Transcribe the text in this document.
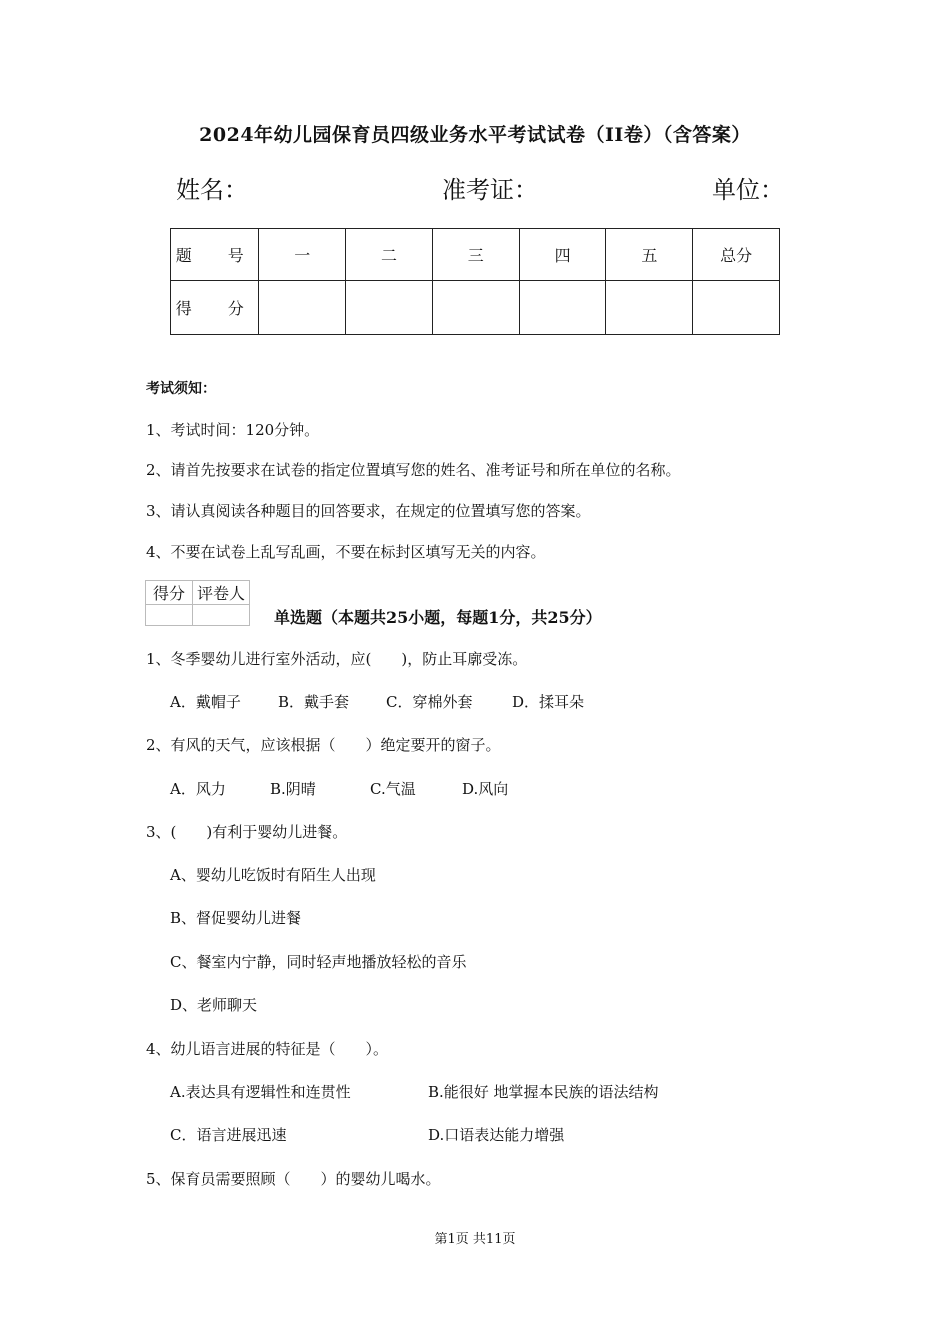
2024年幼儿园保育员四级业务水平考试试卷（II卷）（含答案）
姓名：	准考证：	单位：
题　号	一	二	三	四	五	总分
得　分						
考试须知：
1、考试时间：120分钟。
2、请首先按要求在试卷的指定位置填写您的姓名、准考证号和所在单位的名称。
3、请认真阅读各种题目的回答要求，在规定的位置填写您的答案。
4、不要在试卷上乱写乱画，不要在标封区填写无关的内容。
得分	评卷人

单选题（本题共25小题，每题1分，共25分）
1、冬季婴幼儿进行室外活动，应(　　)，防止耳廓受冻。
A．戴帽子 B．戴手套 C．穿棉外套	D．揉耳朵
2、有风的天气，应该根据（　　）绝定要开的窗子。
A．风力	B.阴晴	C.气温	D.风向
3、(　　)有利于婴幼儿进餐。
A、婴幼儿吃饭时有陌生人出现
B、督促婴幼儿进餐
C、餐室内宁静，同时轻声地播放轻松的音乐
D、老师聊天
4、幼儿语言进展的特征是（　　）。
A.表达具有逻辑性和连贯性	B.能很好 地掌握本民族的语法结构
C．语言进展迅速	D.口语表达能力增强
5、保育员需要照顾（　　）的婴幼儿喝水。
第1页 共11页
